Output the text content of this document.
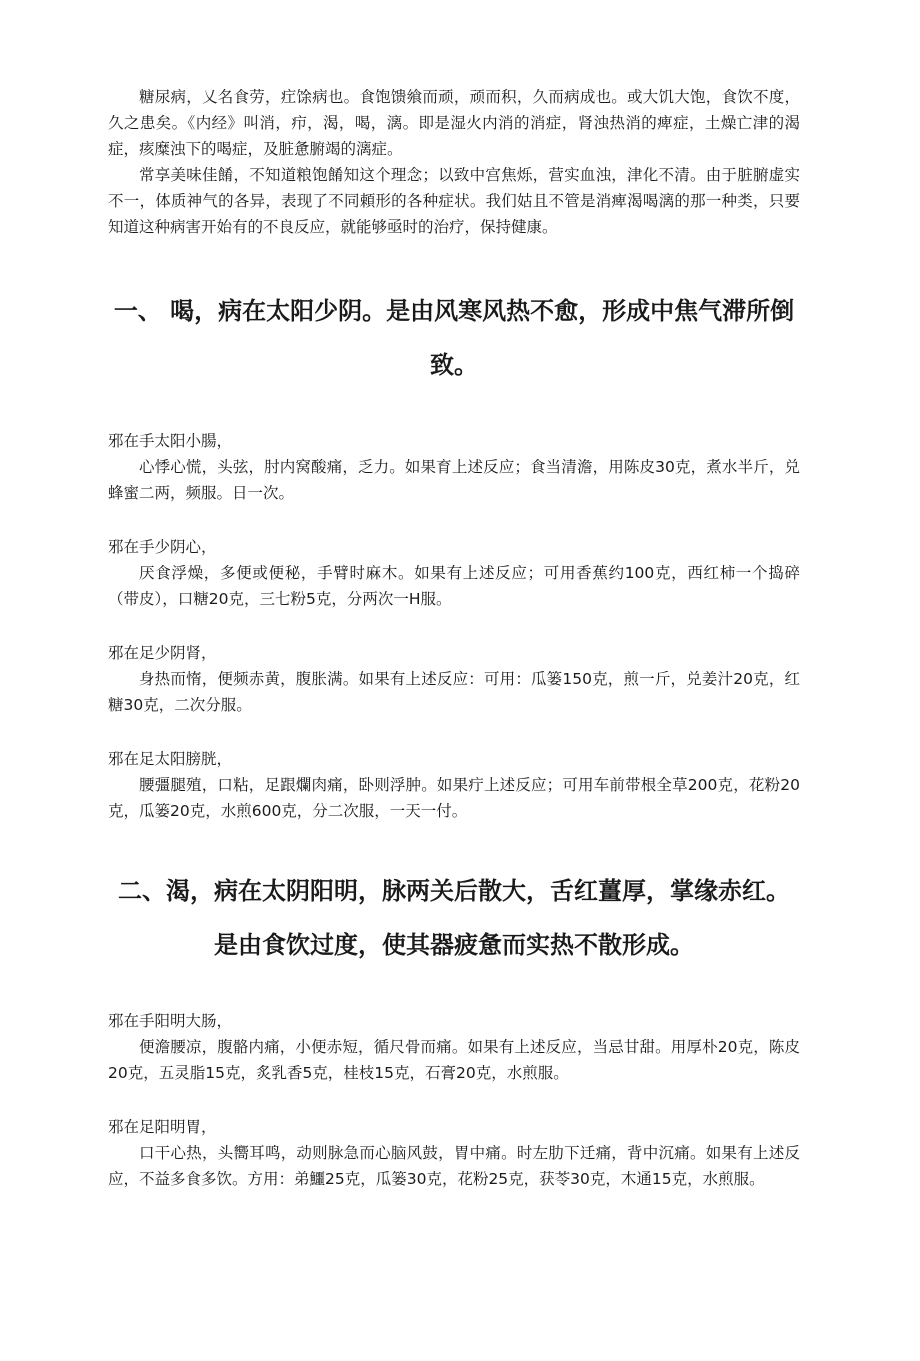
糖尿病，乂名食劳，疘馀病也。食饱馈飨而顽，顽而积，久而病成也。或大饥大饱，食饮不度，久之患矣。《内经》叫消，疖，渴，喝，漓。即是湿火内消的消症，肾浊热消的痺症，土燥亡津的渴症，痎糜浊下的喝症，及脏惫腑竭的漓症。

常享美味佳餚，不知道粮饱餚知这个理念；以致中宫焦烁，营实血浊，津化不清。由于脏腑虚实不一，体质神气的各异，表现了不同頼形的各种症状。我们姑且不管是消痺渴喝漓的那一种类，只要知道这种病害开始有的不良反应，就能够亟时的治疗，保持健康。

一、 喝，病在太阳少阴。是由风寒风热不愈，形成中焦气滞所倒致。

邪在手太阳小腸，

心悸心慌，头弦，肘内窝酸痛，乏力。如果育上述反应；食当清澹，用陈皮30克，煮水半斤，兑蜂蜜二两，频服。日一次。

邪在手少阴心，

厌食浮燥，多便或便秘，手臂时麻木。如果有上述反应；可用香蕉约100克，西红柿一个捣碎（带皮），口糖20克，三七粉5克，分两次一H服。

邪在足少阴肾，

身热而惰，便频赤黄，腹胀满。如果有上述反应：可用：瓜篓150克，煎一斤，兑姜汁20克，红糖30克，二次分服。

邪在足太阳膀胱，

腰彊腿殖，口粘，足跟爛肉痛，卧则浮肿。如果疔上述反应；可用车前带根全草200克，花粉20克，瓜篓20克，水煎600克，分二次服，一天一付。

二、渴，病在太阴阳明，脉两关后散大，舌红薑厚，掌缘赤红。是由食饮过度，使其器疲惫而实热不散形成。

邪在手阳明大肠，

便澹腰凉，腹骼内痛，小便赤短，循尺骨而痛。如果有上述反应，当忌甘甜。用厚朴20克，陈皮20克，五灵脂15克，炙乳香5克，桂枝15克，石膏20克，水煎服。

邪在足阳明胃，

口干心热，头嚮耳鸣，动则脉急而心脑风鼓，胃中痛。时左肋下迁痛，背中沉痛。如果有上述反应，不益多食多饮。方用：弟鱷25克，瓜篓30克，花粉25克，获苓30克，木通15克，水煎服。
